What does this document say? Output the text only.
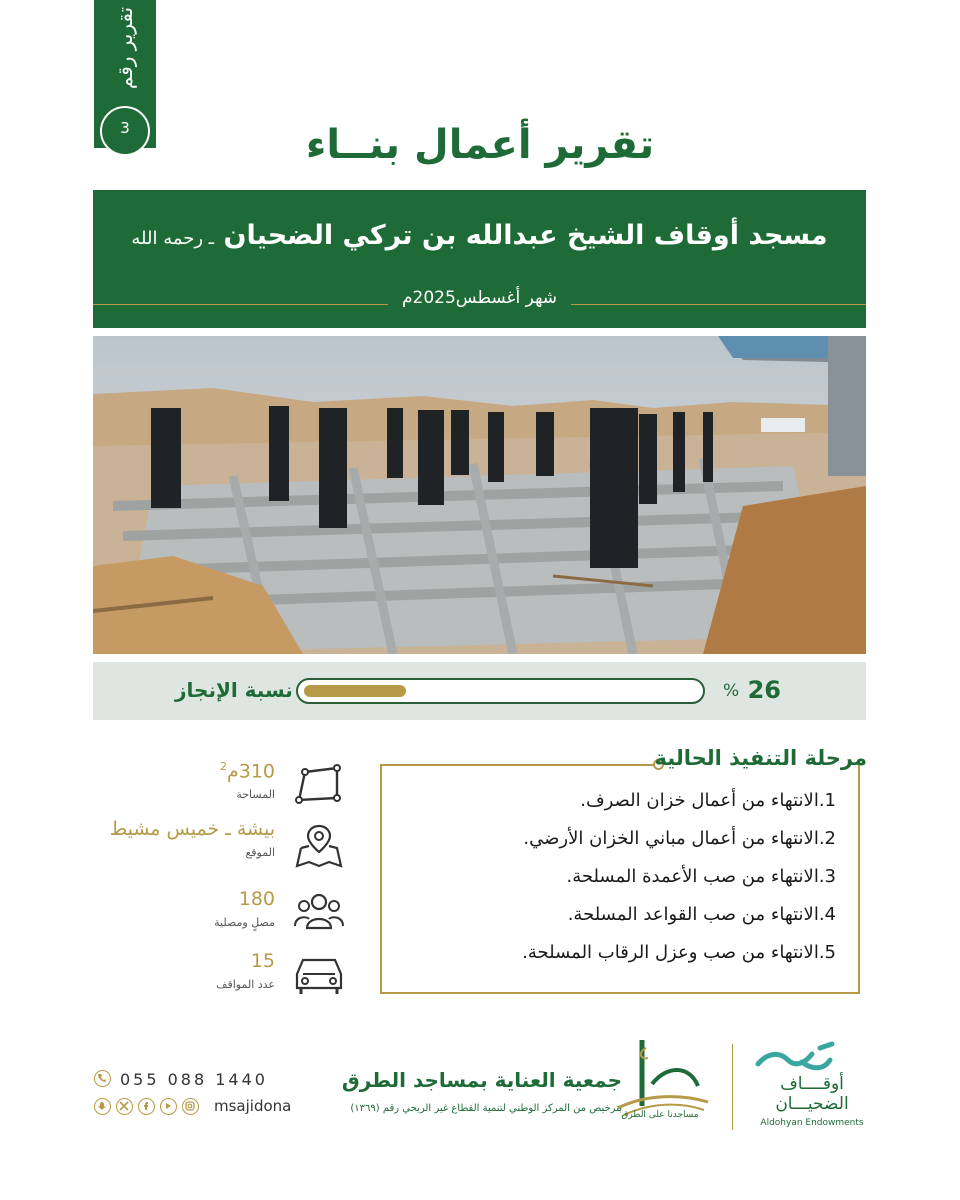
تقرير رقم
3	تقرير أعمال بنــاء
مسجد أوقاف الشيخ عبدالله بن تركي الضحيان ـ رحمه الله
شهر أغسطس2025م
26
%
نسبة الإنجاز
310م$^2$
المساحة
بيشة ـ خميس مشيط
الموقع
180
مصلٍ ومصلية
15
عدد المواقف
مرحلة التنفيذ الحالية
1.الانتهاء من أعمال خزان الصرف.
2.الانتهاء من أعمال مباني الخزان الأرضي.
3.الانتهاء من صب الأعمدة المسلحة.
4.الانتهاء من صب القواعد المسلحة.
5.الانتهاء من صب وعزل الرقاب المسلحة.
أوقــــاف الضحيـــان
Aldohyan Endowments
مساجدنا على الطرق
جمعية العناية بمساجد الطرق
بترخيص من المركز الوطني لتنمية القطاع غير الربحي رقم (١٣٦٩)
055 088 1440
msajidona
